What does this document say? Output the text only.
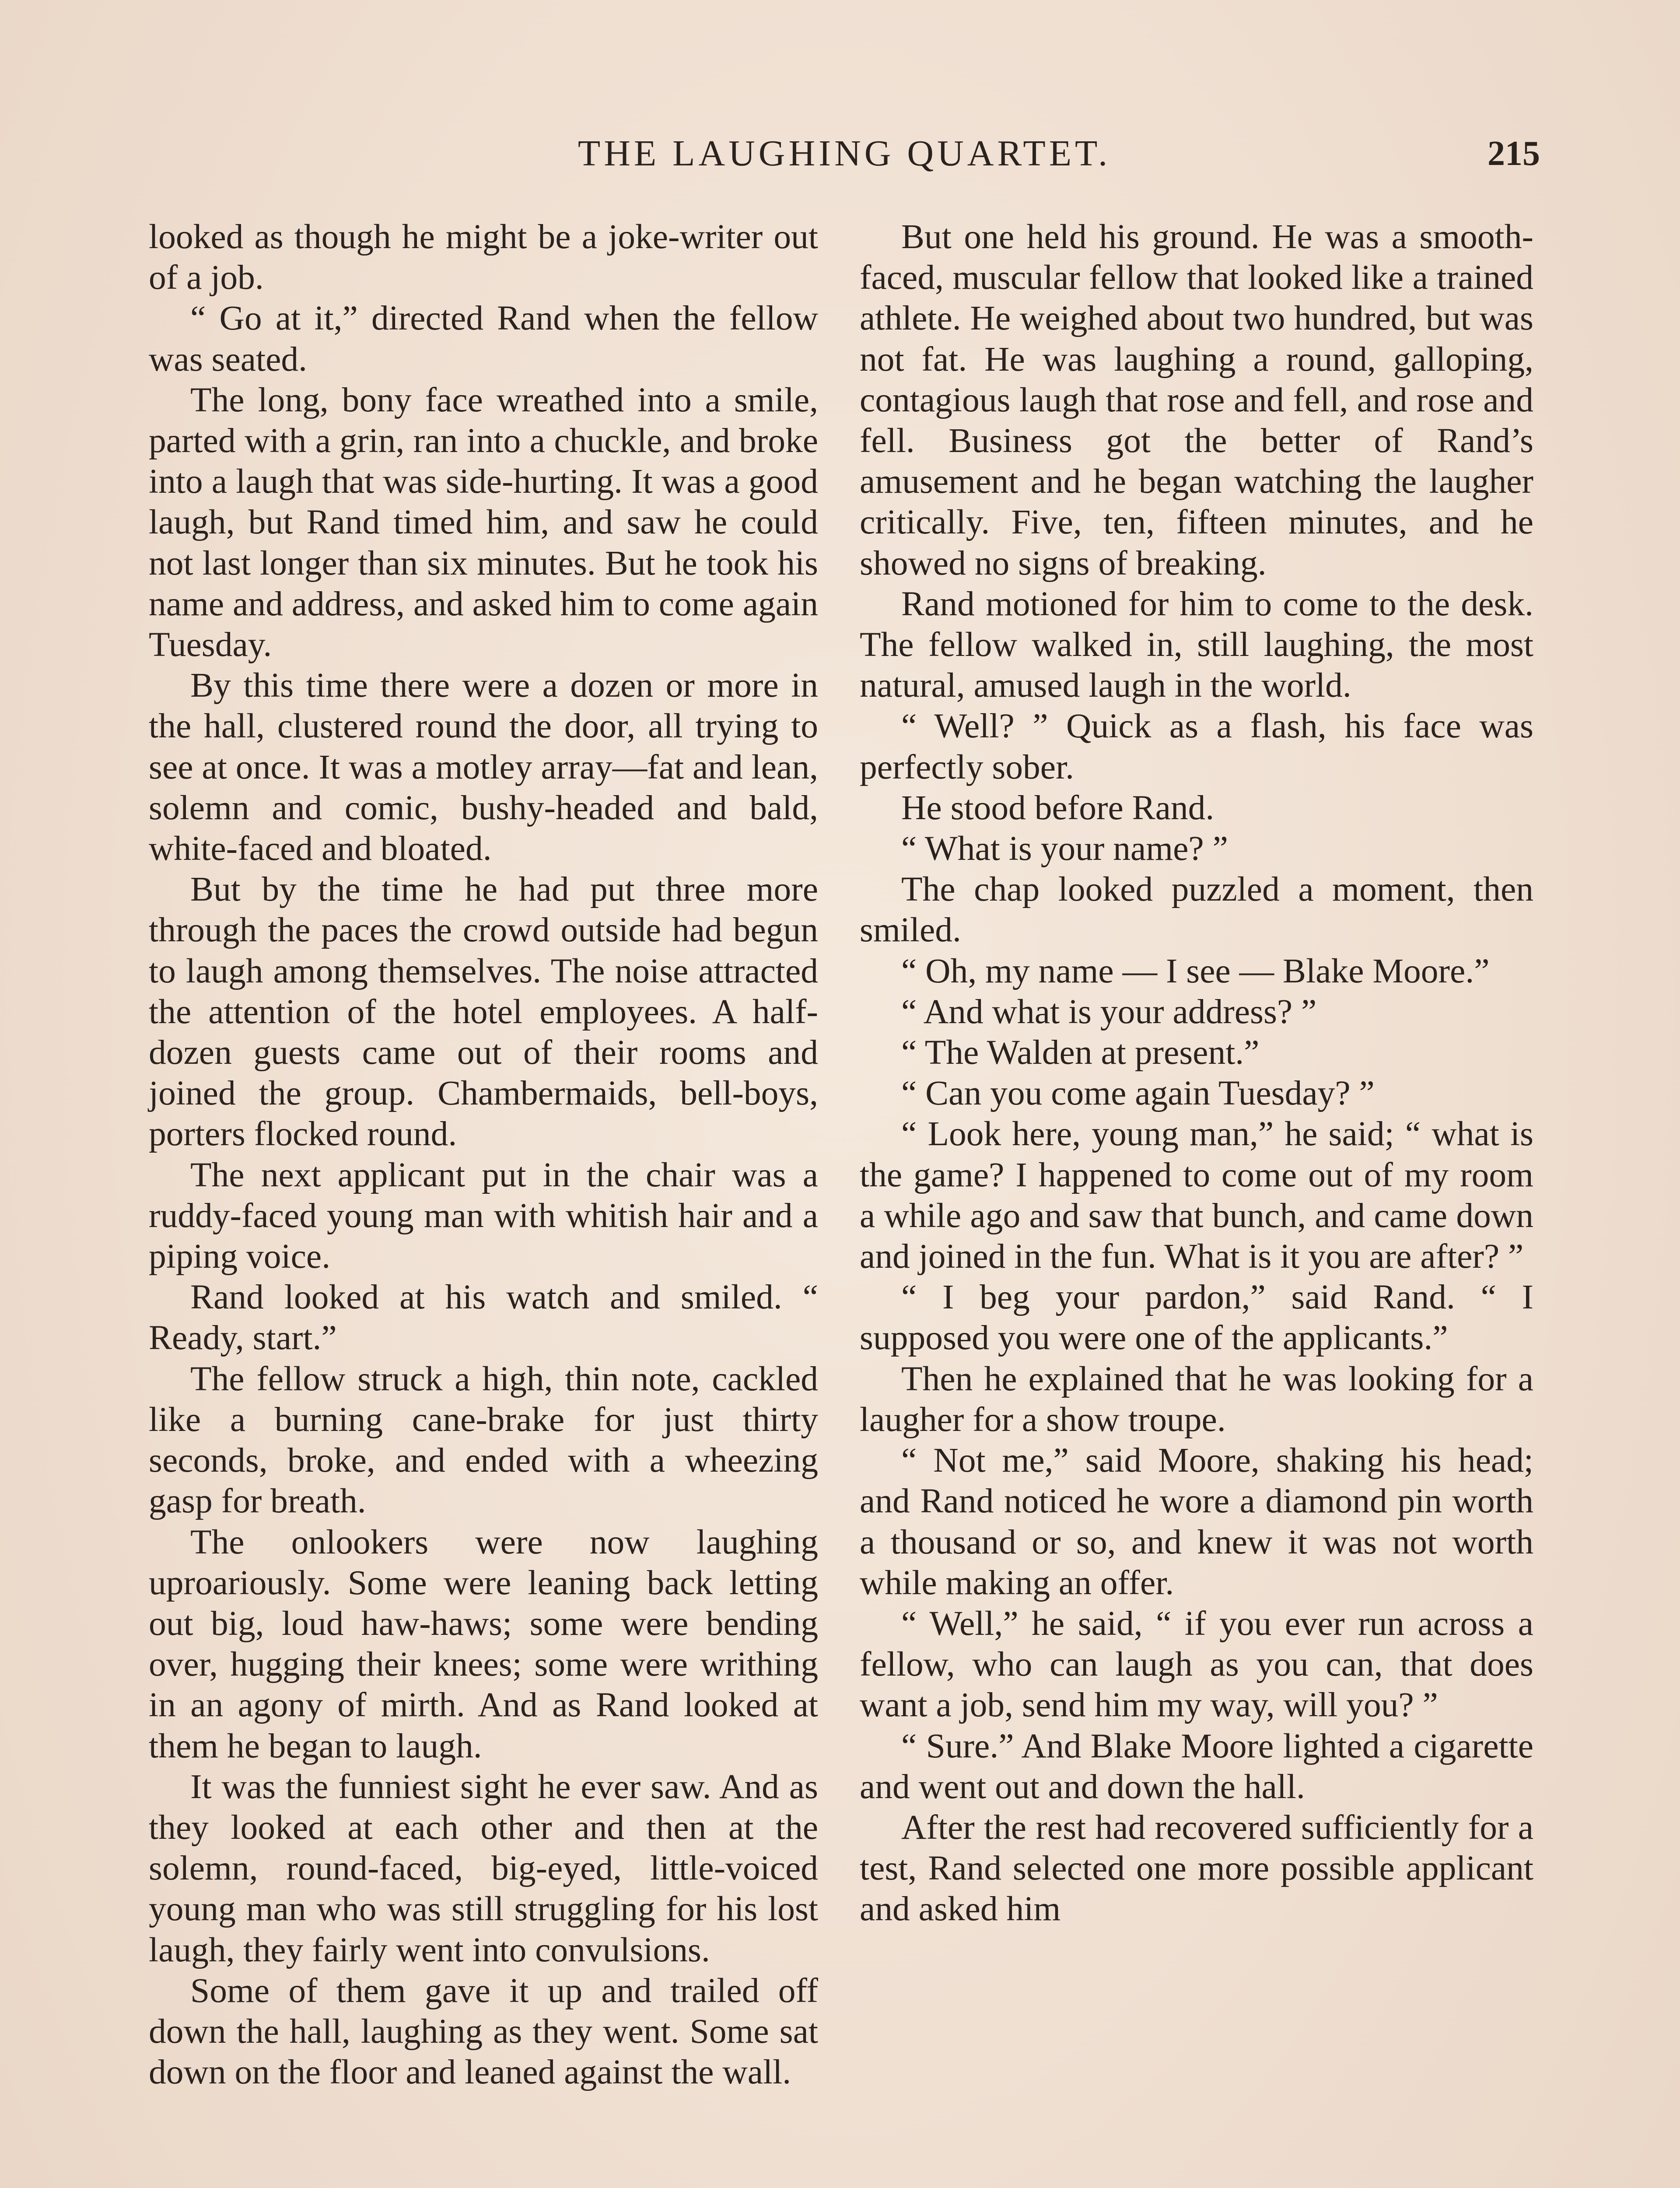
THE LAUGHING QUARTET.	215

looked as though he might be a joke-writer out of a job.

“ Go at it,” directed Rand when the fellow was seated.

The long, bony face wreathed into a smile, parted with a grin, ran into a chuckle, and broke into a laugh that was side-hurting. It was a good laugh, but Rand timed him, and saw he could not last longer than six minutes. But he took his name and address, and asked him to come again Tuesday.

By this time there were a dozen or more in the hall, clustered round the door, all trying to see at once. It was a motley array—fat and lean, solemn and comic, bushy-headed and bald, white-faced and bloated.

But by the time he had put three more through the paces the crowd outside had begun to laugh among themselves. The noise attracted the attention of the hotel employees. A half-dozen guests came out of their rooms and joined the group. Chambermaids, bell-boys, porters flocked round.

The next applicant put in the chair was a ruddy-faced young man with whitish hair and a piping voice.

Rand looked at his watch and smiled. “ Ready, start.”

The fellow struck a high, thin note, cackled like a burning cane-brake for just thirty seconds, broke, and ended with a wheezing gasp for breath.

The onlookers were now laughing uproariously. Some were leaning back letting out big, loud haw-haws; some were bending over, hugging their knees; some were writhing in an agony of mirth. And as Rand looked at them he began to laugh.

It was the funniest sight he ever saw. And as they looked at each other and then at the solemn, round-faced, big-eyed, little-voiced young man who was still struggling for his lost laugh, they fairly went into convulsions.

Some of them gave it up and trailed off down the hall, laughing as they went. Some sat down on the floor and leaned against the wall.

But one held his ground. He was a smooth-faced, muscular fellow that looked like a trained athlete. He weighed about two hundred, but was not fat. He was laughing a round, galloping, contagious laugh that rose and fell, and rose and fell. Business got the better of Rand’s amusement and he began watching the laugher critically. Five, ten, fifteen minutes, and he showed no signs of breaking.

Rand motioned for him to come to the desk. The fellow walked in, still laughing, the most natural, amused laugh in the world.

“ Well? ” Quick as a flash, his face was perfectly sober.

He stood before Rand.

“ What is your name? ”

The chap looked puzzled a moment, then smiled.

“ Oh, my name — I see — Blake Moore.”

“ And what is your address? ”

“ The Walden at present.”

“ Can you come again Tuesday? ”

“ Look here, young man,” he said; “ what is the game? I happened to come out of my room a while ago and saw that bunch, and came down and joined in the fun. What is it you are after? ”

“ I beg your pardon,” said Rand. “ I supposed you were one of the applicants.”

Then he explained that he was looking for a laugher for a show troupe.

“ Not me,” said Moore, shaking his head; and Rand noticed he wore a diamond pin worth a thousand or so, and knew it was not worth while making an offer.

“ Well,” he said, “ if you ever run across a fellow, who can laugh as you can, that does want a job, send him my way, will you? ”

“ Sure.” And Blake Moore lighted a cigarette and went out and down the hall.

After the rest had recovered sufficiently for a test, Rand selected one more possible applicant and asked him
